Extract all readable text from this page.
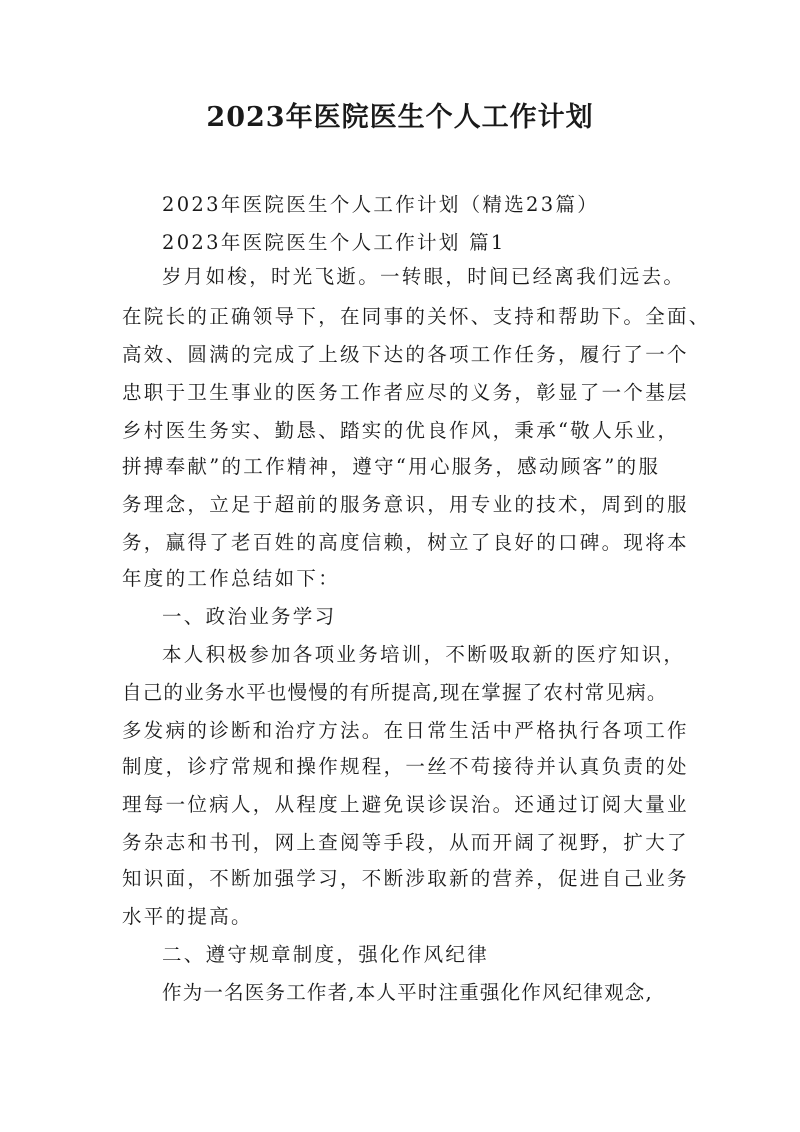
2023年医院医生个人工作计划
2023年医院医生个人工作计划（精选23篇）
2023年医院医生个人工作计划 篇1
岁月如梭，时光飞逝。一转眼，时间已经离我们远去。
在院长的正确领导下，在同事的关怀、支持和帮助下。全面、
高效、圆满的完成了上级下达的各项工作任务，履行了一个
忠职于卫生事业的医务工作者应尽的义务，彰显了一个基层
乡村医生务实、勤恳、踏实的优良作风，秉承“敬人乐业，
拼搏奉献”的工作精神，遵守“用心服务，感动顾客”的服
务理念，立足于超前的服务意识，用专业的技术，周到的服
务，赢得了老百姓的高度信赖，树立了良好的口碑。现将本
年度的工作总结如下：
一、政治业务学习
本人积极参加各项业务培训，不断吸取新的医疗知识，
自己的业务水平也慢慢的有所提高,现在掌握了农村常见病。
多发病的诊断和治疗方法。在日常生活中严格执行各项工作
制度，诊疗常规和操作规程，一丝不苟接待并认真负责的处
理每一位病人，从程度上避免误诊误治。还通过订阅大量业
务杂志和书刊，网上查阅等手段，从而开阔了视野，扩大了
知识面，不断加强学习，不断涉取新的营养，促进自己业务
水平的提高。
二、遵守规章制度，强化作风纪律
作为一名医务工作者,本人平时注重强化作风纪律观念,
